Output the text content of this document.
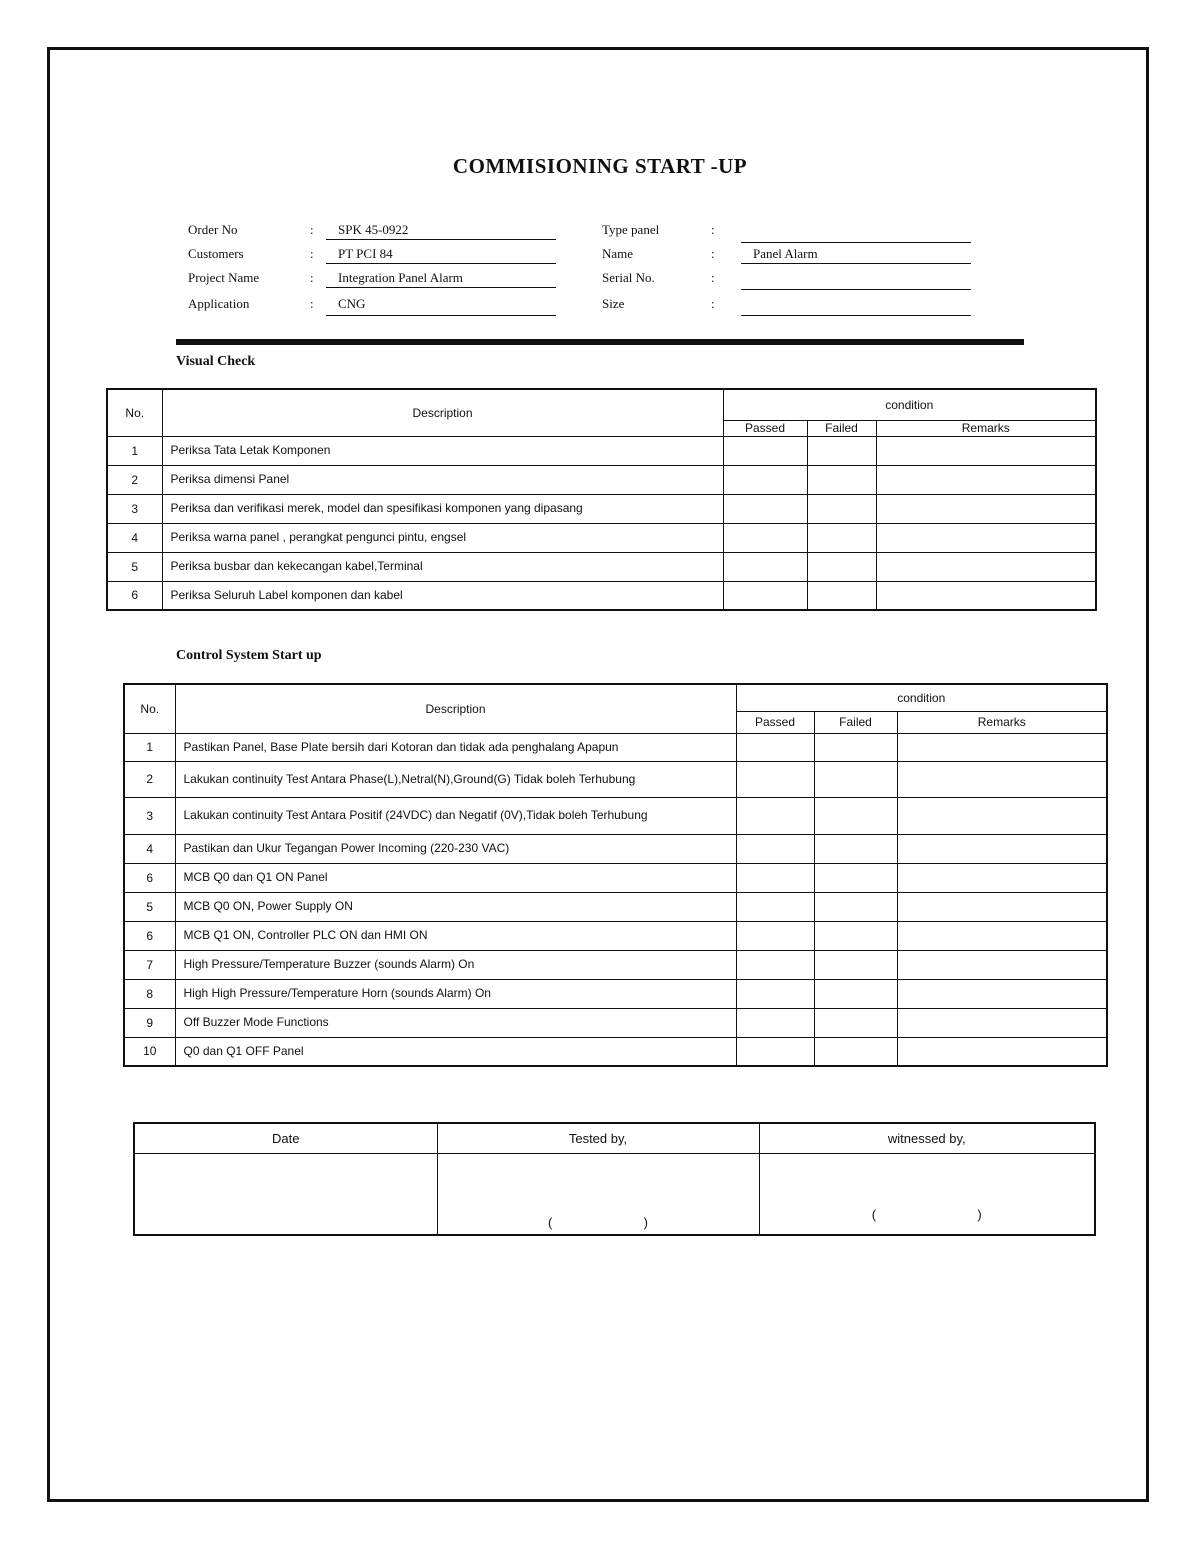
COMMISIONING START -UP
Order No	:	SPK 45-0922
Customers	:	PT PCI 84
Project Name	:	Integration Panel Alarm
Application	:	CNG
Type panel	:
Name	:	Panel Alarm
Serial No.	:
Size	:
Visual Check
No.	Description	condition		
		Passed	Failed	Remarks
1	Periksa Tata Letak Komponen			
2	Periksa dimensi Panel			
3	Periksa dan verifikasi merek, model dan spesifikasi komponen yang dipasang			
4	Periksa warna panel , perangkat pengunci pintu, engsel			
5	Periksa busbar dan kekecangan kabel,Terminal			
6	Periksa Seluruh Label komponen dan kabel			
Control System Start up
No.	Description	condition		
		Passed	Failed	Remarks
1	Pastikan Panel, Base Plate bersih dari Kotoran dan tidak ada penghalang Apapun			
2	Lakukan continuity Test Antara Phase(L),Netral(N),Ground(G) Tidak boleh Terhubung			
3	Lakukan continuity Test Antara Positif (24VDC) dan Negatif (0V),Tidak boleh Terhubung			
4	Pastikan dan Ukur Tegangan Power Incoming (220-230 VAC)			
6	MCB Q0 dan Q1 ON Panel			
5	MCB Q0 ON, Power Supply ON			
6	MCB Q1 ON, Controller PLC ON dan HMI ON			
7	High Pressure/Temperature Buzzer (sounds Alarm) On			
8	High High Pressure/Temperature Horn (sounds Alarm) On			
9	Off Buzzer Mode Functions			
10	Q0 dan Q1 OFF Panel			
Date	Tested by,	witnessed by,
	( )	( )
